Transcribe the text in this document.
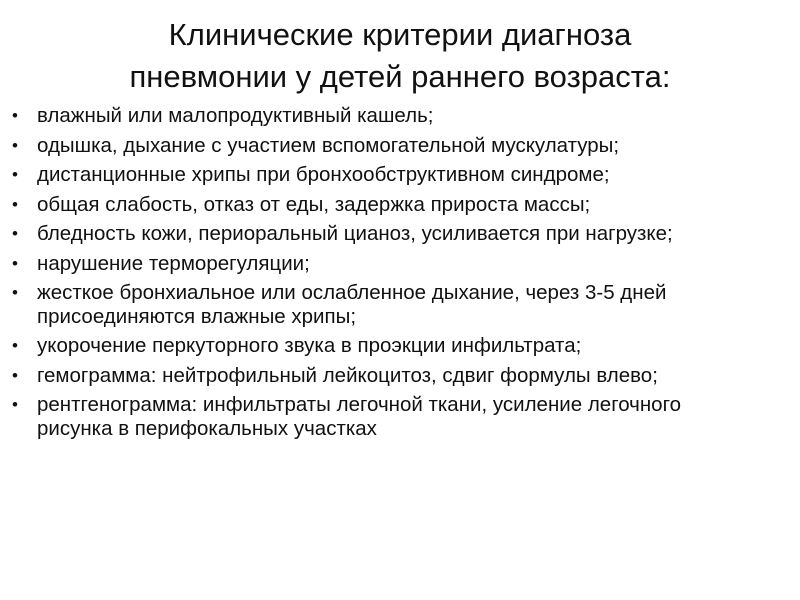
Клинические критерии диагноза
пневмонии у детей раннего возраста:
• влажный или малопродуктивный кашель;
• одышка, дыхание с участием вспомогательной мускулатуры;
• дистанционные хрипы при бронхообструктивном синдроме;
• общая слабость, отказ от еды, задержка прироста массы;
• бледность кожи, периоральный цианоз, усиливается при нагрузке;
• нарушение терморегуляции;
• жесткое бронхиальное или ослабленное дыхание, через 3-5 дней присоединяются влажные хрипы;
• укорочение перкуторного звука в проэкции инфильтрата;
• гемограмма: нейтрофильный лейкоцитоз, сдвиг формулы влево;
• рентгенограмма: инфильтраты легочной ткани, усиление легочного рисунка в перифокальных участках
